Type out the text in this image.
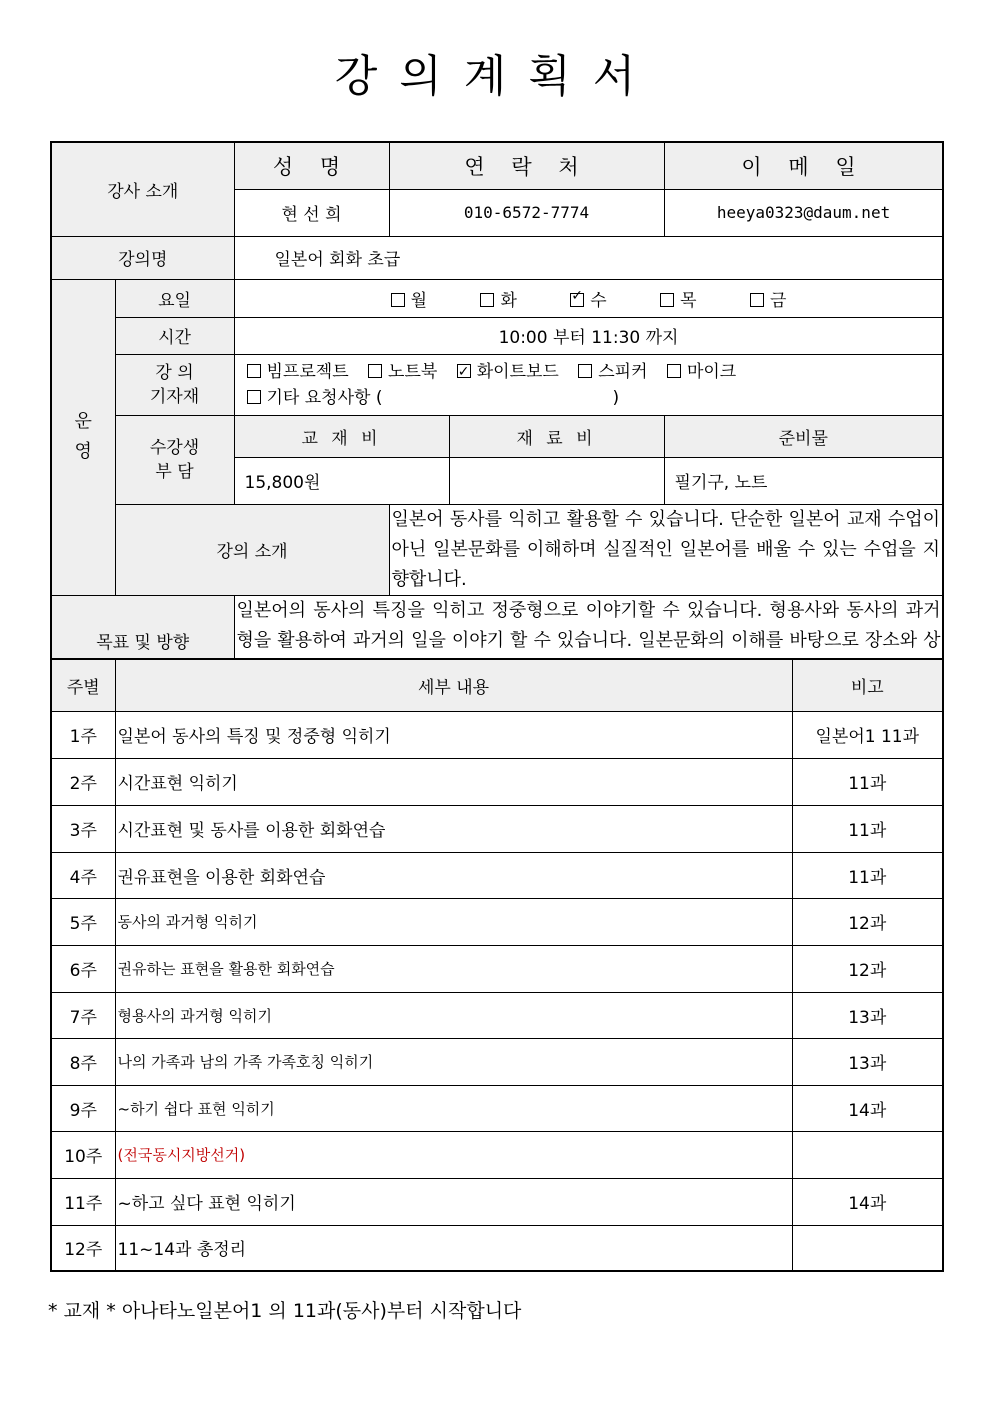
강의계획서
강사 소개		성 명	연 락 처		이 메 일
		현 선 희	010-6572-7774		heeya0323@daum.net
강의명		일본어 회화 초급			
운
영	요일	월 화 ✓ 수 목 금
	시간	10:00 부터 11:30 까지			
	강 의
기자재	빔프로젝트 노트북 ✓ 화이트보드 스피커 마이크
기타 요청사항 ( )
	수강생
부 담	교 재 비		재 료 비	준비물
		15,800원			필기구, 노트
	강의 소개		일본어 동사를 익히고 활용할 수 있습니다. 단순한 일본어 교재 수업이 아닌 일본문화를 이해하며 실질적인 일본어를 배울 수 있는 수업을 지향합니다.		
목표 및 방향		일본어의 동사의 특징을 익히고 정중형으로 이야기할 수 있습니다. 형용사와 동사의 과거형을 활용하여 과거의 일을 이야기 할 수 있습니다. 일본문화의 이해를 바탕으로 장소와 상			
주별	세부 내용	비고
1주	일본어 동사의 특징 및 정중형 익히기	일본어1 11과
2주	시간표현 익히기	11과
3주	시간표현 및 동사를 이용한 회화연습	11과
4주	권유표현을 이용한 회화연습	11과
5주	동사의 과거형 익히기	12과
6주	권유하는 표현을 활용한 회화연습	12과
7주	형용사의 과거형 익히기	13과
8주	나의 가족과 남의 가족 가족호칭 익히기	13과
9주	~하기 쉽다 표현 익히기	14과
10주	(전국동시지방선거)	
11주	~하고 싶다 표현 익히기	14과
12주	11~14과 총정리	
* 교재 * 아나타노일본어1 의 11과(동사)부터 시작합니다
